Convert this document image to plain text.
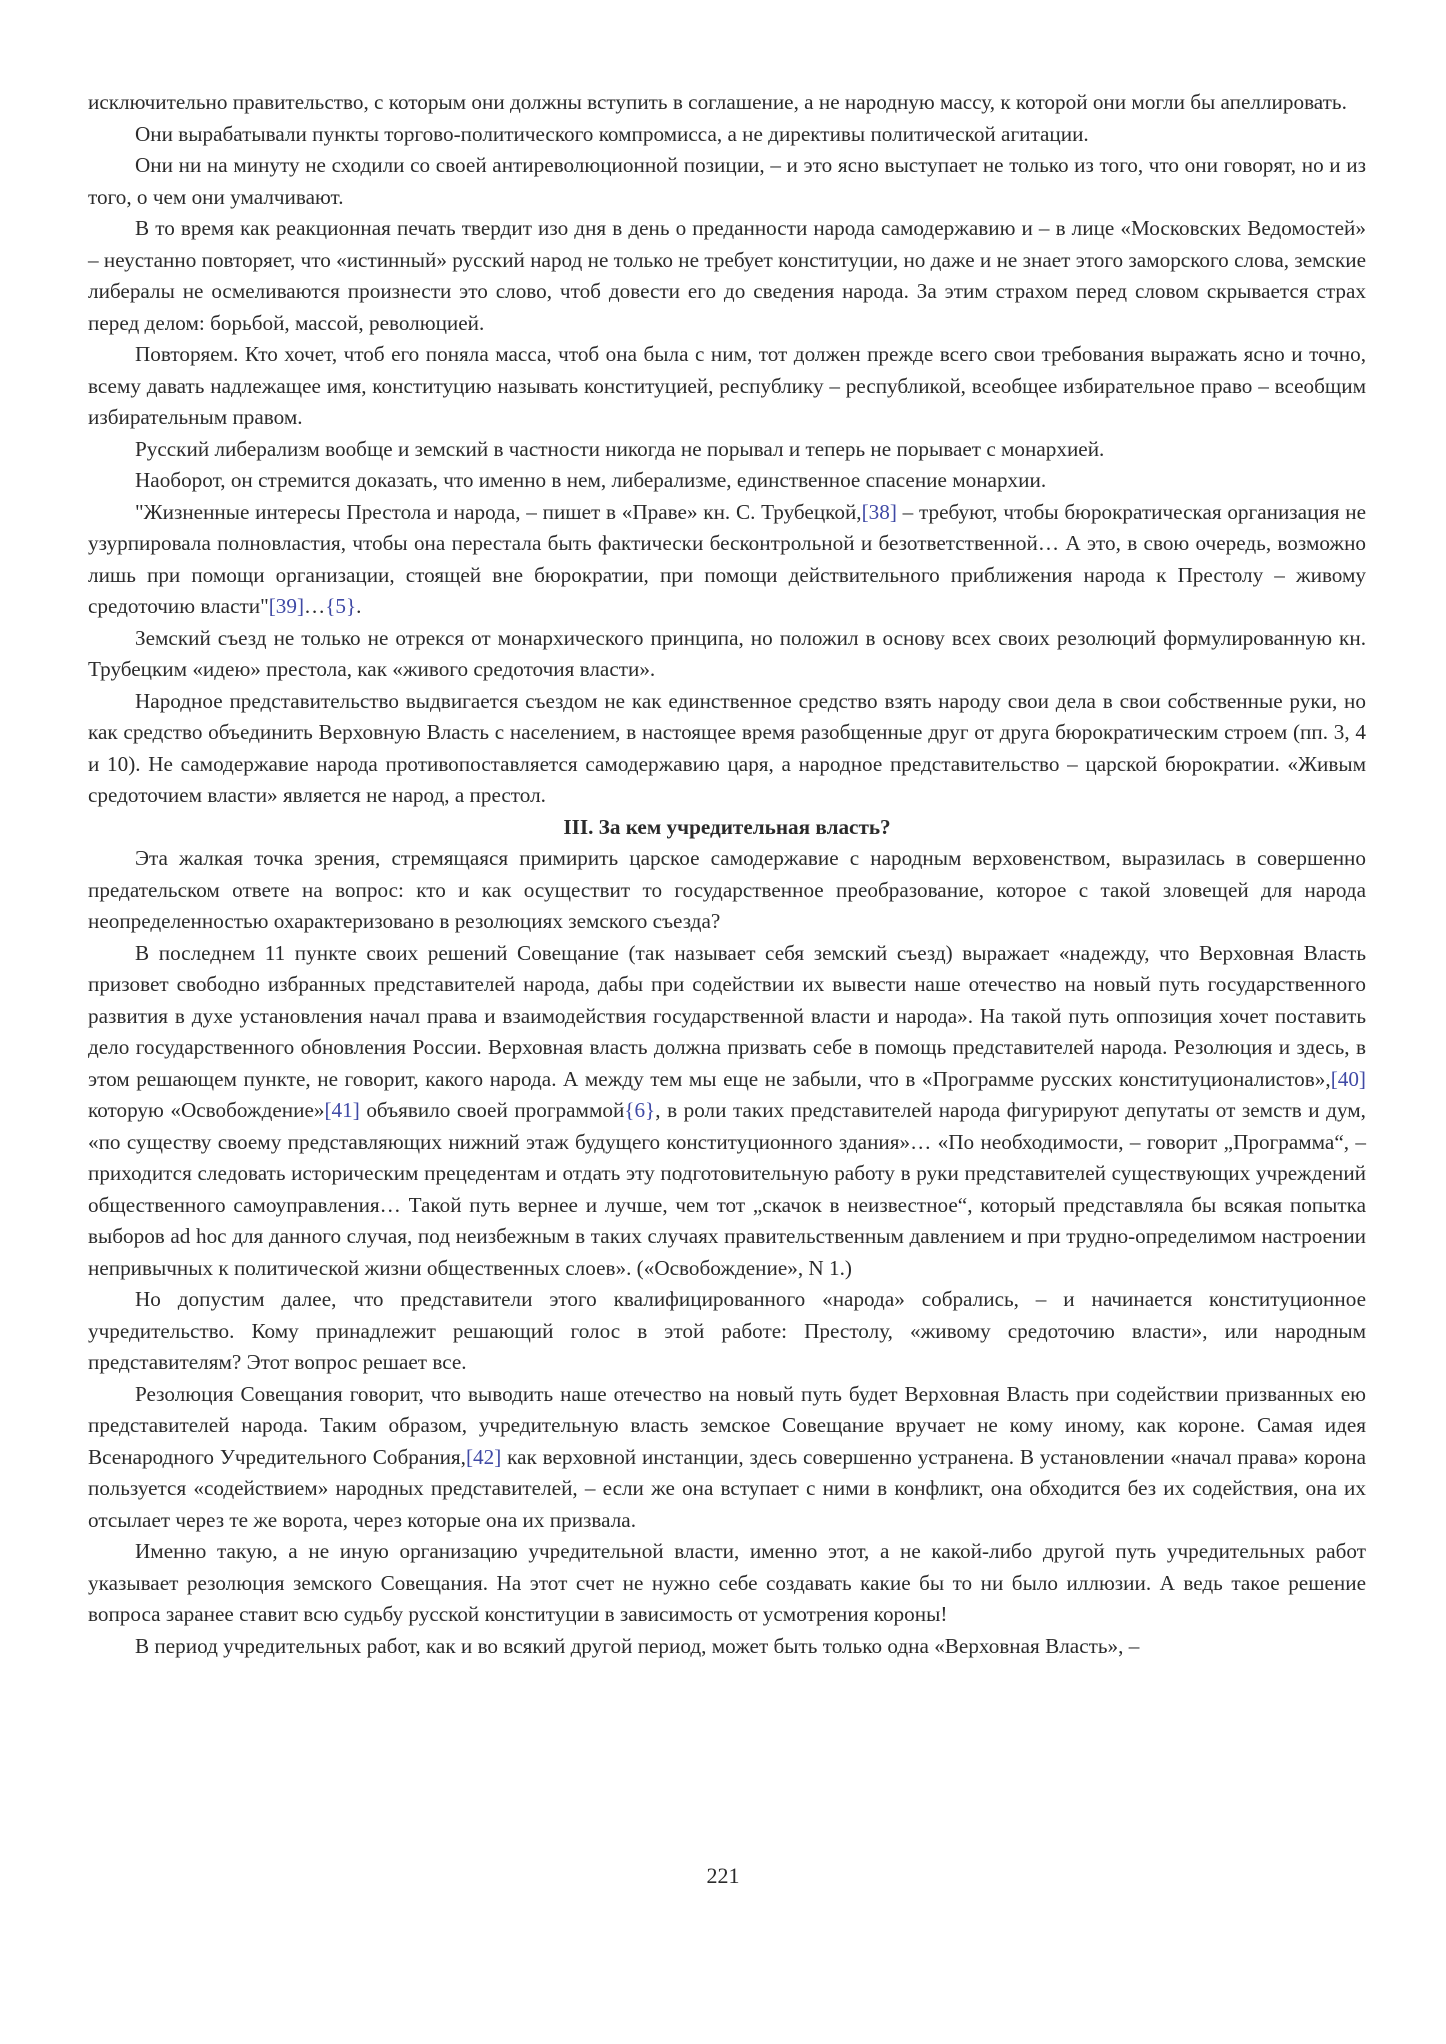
исключительно правительство, с которым они должны вступить в соглашение, а не народную массу, к которой они могли бы апеллировать.

Они вырабатывали пункты торгово-политического компромисса, а не директивы политической агитации.

Они ни на минуту не сходили со своей антиреволюционной позиции, – и это ясно выступает не только из того, что они говорят, но и из того, о чем они умалчивают.

В то время как реакционная печать твердит изо дня в день о преданности народа самодержавию и – в лице «Московских Ведомостей» – неустанно повторяет, что «истинный» русский народ не только не требует конституции, но даже и не знает этого заморского слова, земские либералы не осмеливаются произнести это слово, чтоб довести его до сведения народа. За этим страхом перед словом скрывается страх перед делом: борьбой, массой, революцией.

Повторяем. Кто хочет, чтоб его поняла масса, чтоб она была с ним, тот должен прежде всего свои требования выражать ясно и точно, всему давать надлежащее имя, конституцию называть конституцией, республику – республикой, всеобщее избирательное право – всеобщим избирательным правом.

Русский либерализм вообще и земский в частности никогда не порывал и теперь не порывает с монархией.

Наоборот, он стремится доказать, что именно в нем, либерализме, единственное спасение монархии.

"Жизненные интересы Престола и народа, – пишет в «Праве» кн. С. Трубецкой,[38] – требуют, чтобы бюрократическая организация не узурпировала полновластия, чтобы она перестала быть фактически бесконтрольной и безответственной… А это, в свою очередь, возможно лишь при помощи организации, стоящей вне бюрократии, при помощи действительного приближения народа к Престолу – живому средоточию власти"[39]…{5}.

Земский съезд не только не отрекся от монархического принципа, но положил в основу всех своих резолюций формулированную кн. Трубецким «идею» престола, как «живого средоточия власти».

Народное представительство выдвигается съездом не как единственное средство взять народу свои дела в свои собственные руки, но как средство объединить Верховную Власть с населением, в настоящее время разобщенные друг от друга бюрократическим строем (пп. 3, 4 и 10). Не самодержавие народа противопоставляется самодержавию царя, а народное представительство – царской бюрократии. «Живым средоточием власти» является не народ, а престол.

III. За кем учредительная власть?

Эта жалкая точка зрения, стремящаяся примирить царское самодержавие с народным верховенством, выразилась в совершенно предательском ответе на вопрос: кто и как осуществит то государственное преобразование, которое с такой зловещей для народа неопределенностью охарактеризовано в резолюциях земского съезда?

В последнем 11 пункте своих решений Совещание (так называет себя земский съезд) выражает «надежду, что Верховная Власть призовет свободно избранных представителей народа, дабы при содействии их вывести наше отечество на новый путь государственного развития в духе установления начал права и взаимодействия государственной власти и народа». На такой путь оппозиция хочет поставить дело государственного обновления России. Верховная власть должна призвать себе в помощь представителей народа. Резолюция и здесь, в этом решающем пункте, не говорит, какого народа. А между тем мы еще не забыли, что в «Программе русских конституционалистов»,[40] которую «Освобождение»[41] объявило своей программой{6}, в роли таких представителей народа фигурируют депутаты от земств и дум, «по существу своему представляющих нижний этаж будущего конституционного здания»… «По необходимости, – говорит „Программа“, – приходится следовать историческим прецедентам и отдать эту подготовительную работу в руки представителей существующих учреждений общественного самоуправления… Такой путь вернее и лучше, чем тот „скачок в неизвестное“, который представляла бы всякая попытка выборов ad hoc для данного случая, под неизбежным в таких случаях правительственным давлением и при трудно-определимом настроении непривычных к политической жизни общественных слоев». («Освобождение», N 1.)

Но допустим далее, что представители этого квалифицированного «народа» собрались, – и начинается конституционное учредительство. Кому принадлежит решающий голос в этой работе: Престолу, «живому средоточию власти», или народным представителям? Этот вопрос решает все.

Резолюция Совещания говорит, что выводить наше отечество на новый путь будет Верховная Власть при содействии призванных ею представителей народа. Таким образом, учредительную власть земское Совещание вручает не кому иному, как короне. Самая идея Всенародного Учредительного Собрания,[42] как верховной инстанции, здесь совершенно устранена. В установлении «начал права» корона пользуется «содействием» народных представителей, – если же она вступает с ними в конфликт, она обходится без их содействия, она их отсылает через те же ворота, через которые она их призвала.

Именно такую, а не иную организацию учредительной власти, именно этот, а не какой-либо другой путь учредительных работ указывает резолюция земского Совещания. На этот счет не нужно себе создавать какие бы то ни было иллюзии. А ведь такое решение вопроса заранее ставит всю судьбу русской конституции в зависимость от усмотрения короны!

В период учредительных работ, как и во всякий другой период, может быть только одна «Верховная Власть», –

221
